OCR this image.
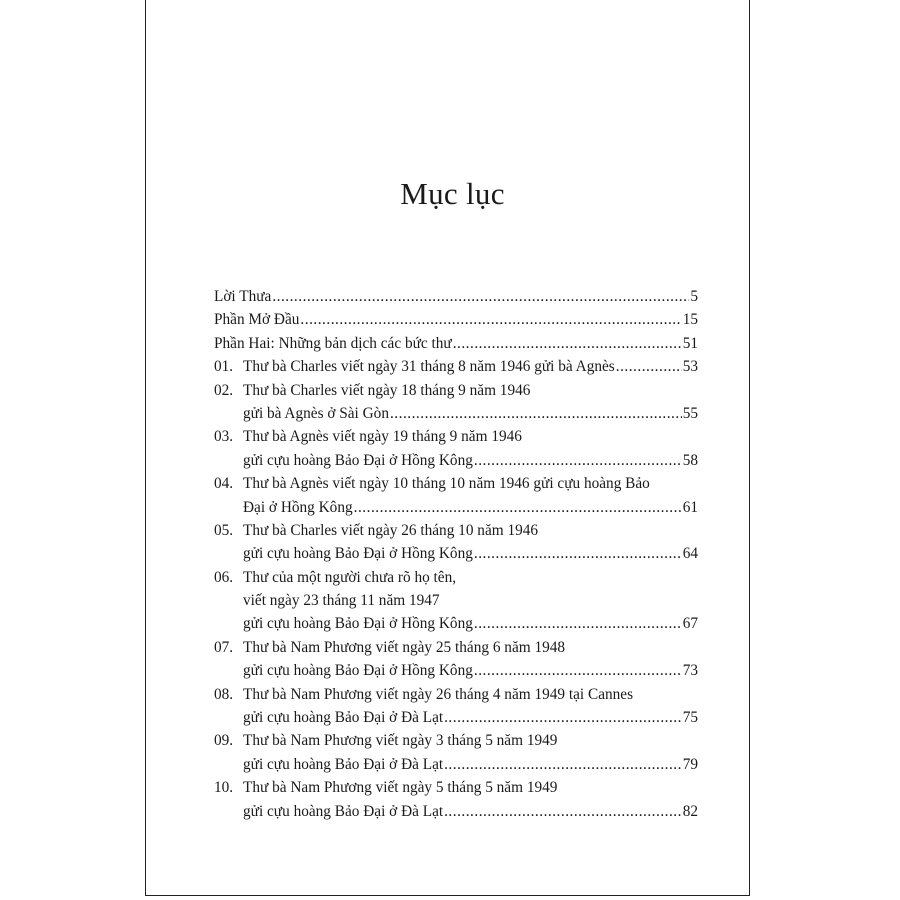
Mục lục
Lời Thưa .....	5
Phần Mở Đầu .....	15
Phần Hai: Những bản dịch các bức thư .....	51
01. Thư bà Charles viết ngày 31 tháng 8 năm 1946 gửi bà Agnès .....	53
02. Thư bà Charles viết ngày 18 tháng 9 năm 1946
gửi bà Agnès ở Sài Gòn .....	55
03. Thư bà Agnès viết ngày 19 tháng 9 năm 1946
gửi cựu hoàng Bảo Đại ở Hồng Kông .....	58
04. Thư bà Agnès viết ngày 10 tháng 10 năm 1946 gửi cựu hoàng Bảo
Đại ở Hồng Kông .....	61
05. Thư bà Charles viết ngày 26 tháng 10 năm 1946
gửi cựu hoàng Bảo Đại ở Hồng Kông .....	64
06. Thư của một người chưa rõ họ tên,
viết ngày 23 tháng 11 năm 1947
gửi cựu hoàng Bảo Đại ở Hồng Kông .....	67
07. Thư bà Nam Phương viết ngày 25 tháng 6 năm 1948
gửi cựu hoàng Bảo Đại ở Hồng Kông .....	73
08. Thư bà Nam Phương viết ngày 26 tháng 4 năm 1949 tại Cannes
gửi cựu hoàng Bảo Đại ở Đà Lạt .....	75
09. Thư bà Nam Phương viết ngày 3 tháng 5 năm 1949
gửi cựu hoàng Bảo Đại ở Đà Lạt .....	79
10. Thư bà Nam Phương viết ngày 5 tháng 5 năm 1949
gửi cựu hoàng Bảo Đại ở Đà Lạt .....	82
